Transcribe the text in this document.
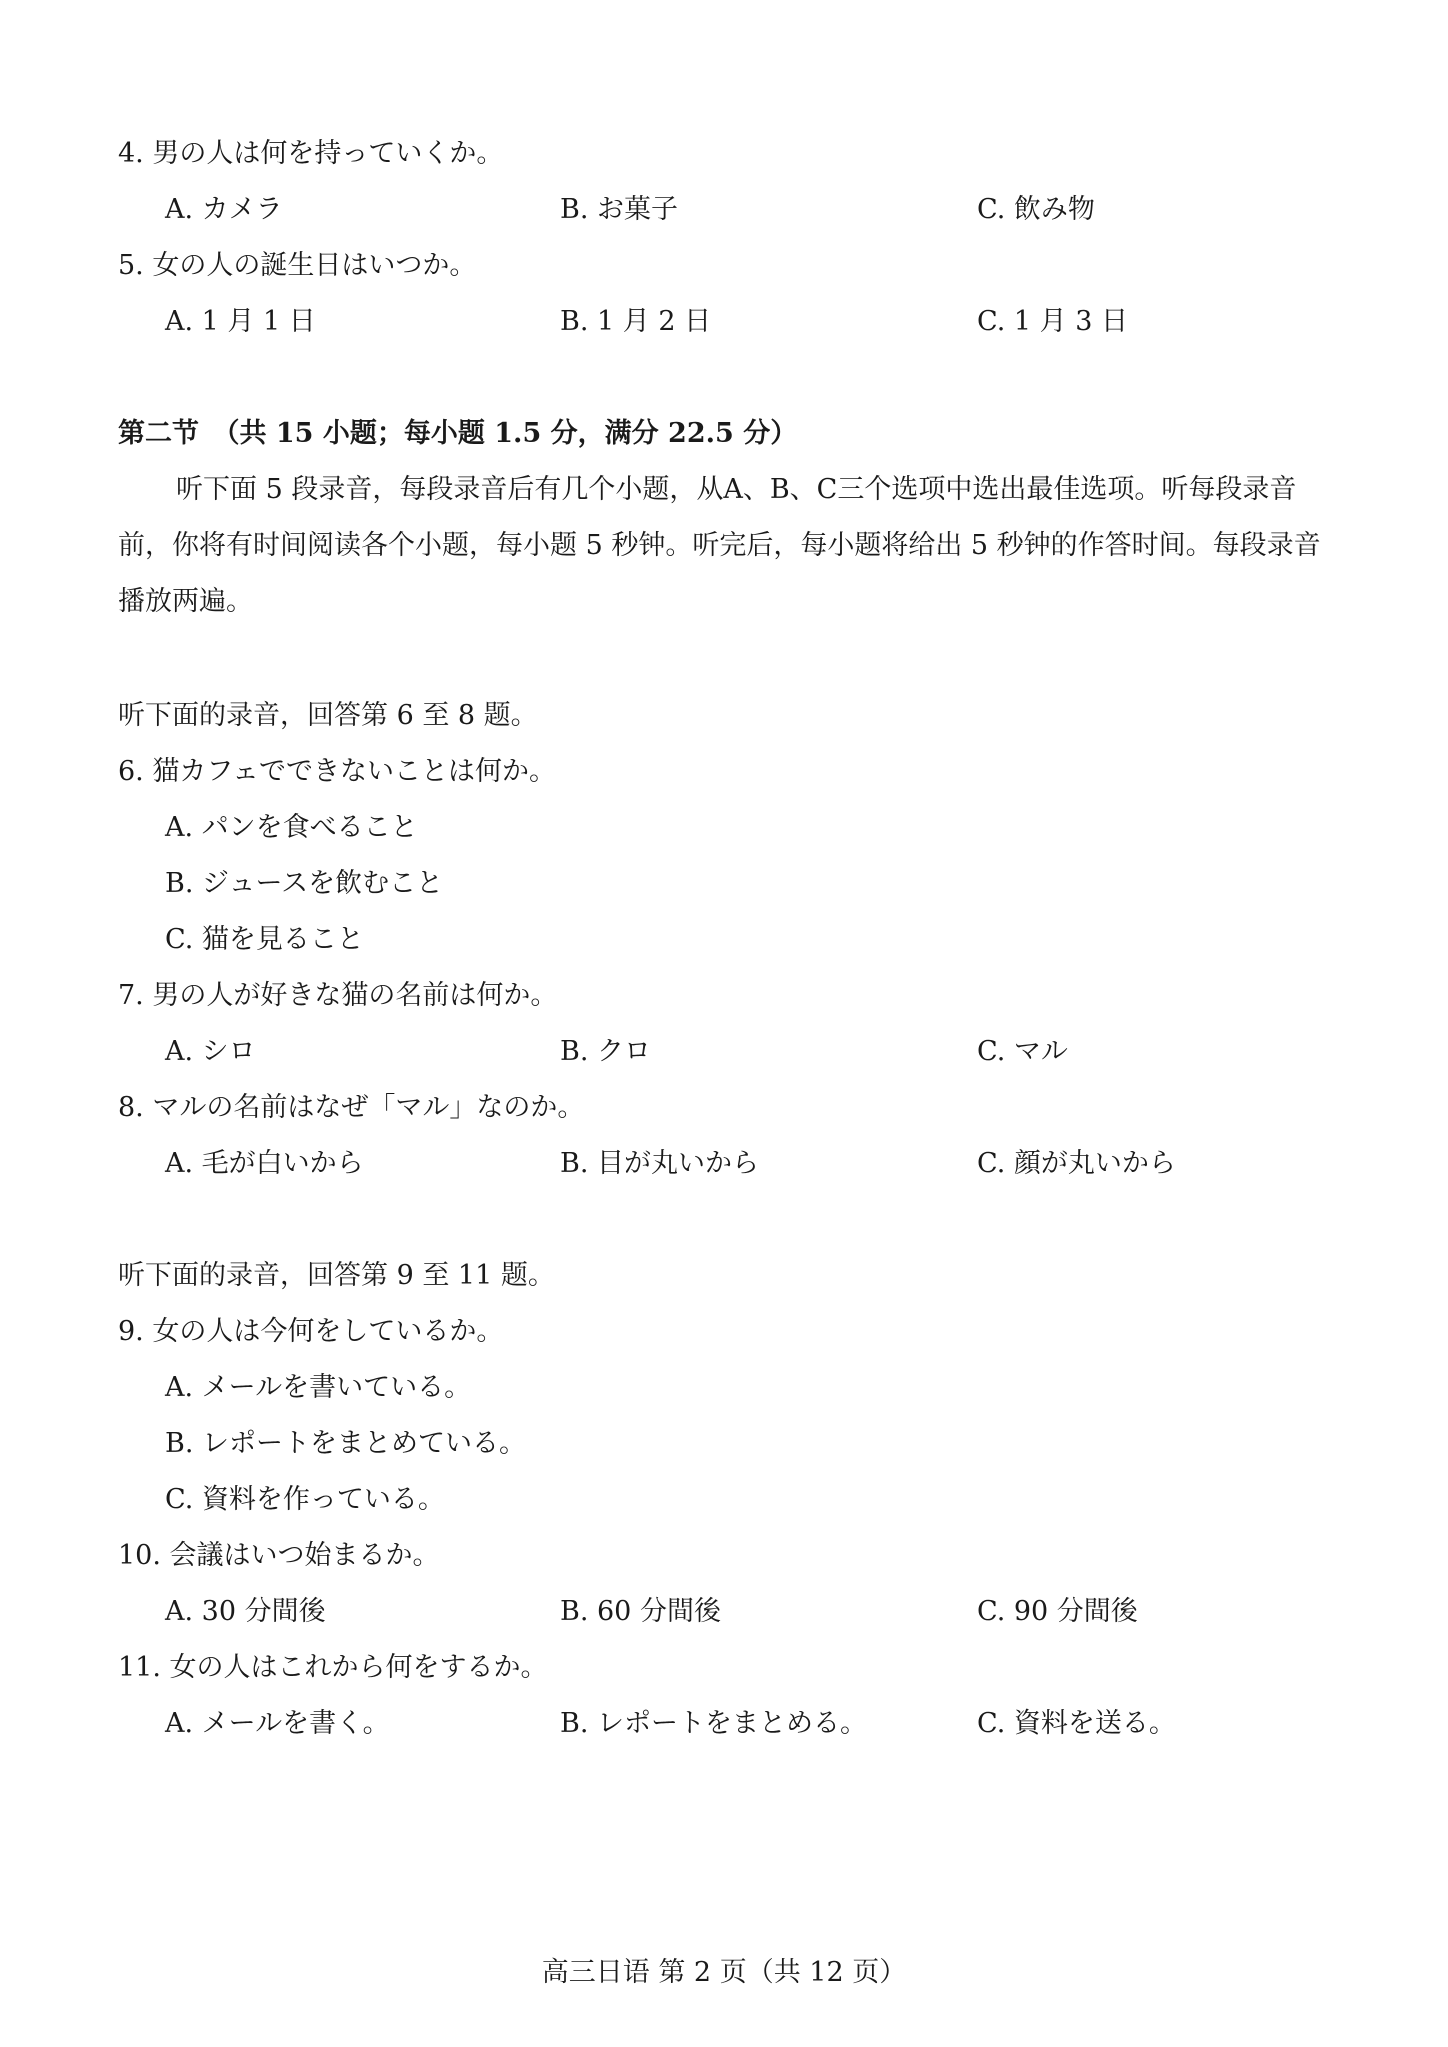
4. 男の人は何を持っていくか。
A. カメラ	B. お菓子	C. 飲み物
5. 女の人の誕生日はいつか。
A. 1 月 1 日	B. 1 月 2 日	C. 1 月 3 日
第二节　（共 15 小题；每小题 1.5 分，满分 22.5 分）
听下面 5 段录音，每段录音后有几个小题，从A、B、C三个选项中选出最佳选项。听每段录音前，你将有时间阅读各个小题，每小题 5 秒钟。听完后，每小题将给出 5 秒钟的作答时间。每段录音播放两遍。
听下面的录音，回答第 6 至 8 题。
6. 猫カフェでできないことは何か。
A. パンを食べること
B. ジュースを飲むこと
C. 猫を見ること
7. 男の人が好きな猫の名前は何か。
A. シロ	B. クロ	C. マル
8. マルの名前はなぜ「マル」なのか。
A. 毛が白いから	B. 目が丸いから	C. 顔が丸いから
听下面的录音，回答第 9 至 11 题。
9. 女の人は今何をしているか。
A. メールを書いている。
B. レポートをまとめている。
C. 資料を作っている。
10. 会議はいつ始まるか。
A. 30 分間後	B. 60 分間後	C. 90 分間後
11. 女の人はこれから何をするか。
A. メールを書く。	B. レポートをまとめる。	C. 資料を送る。
高三日语 第 2 页（共 12 页）
